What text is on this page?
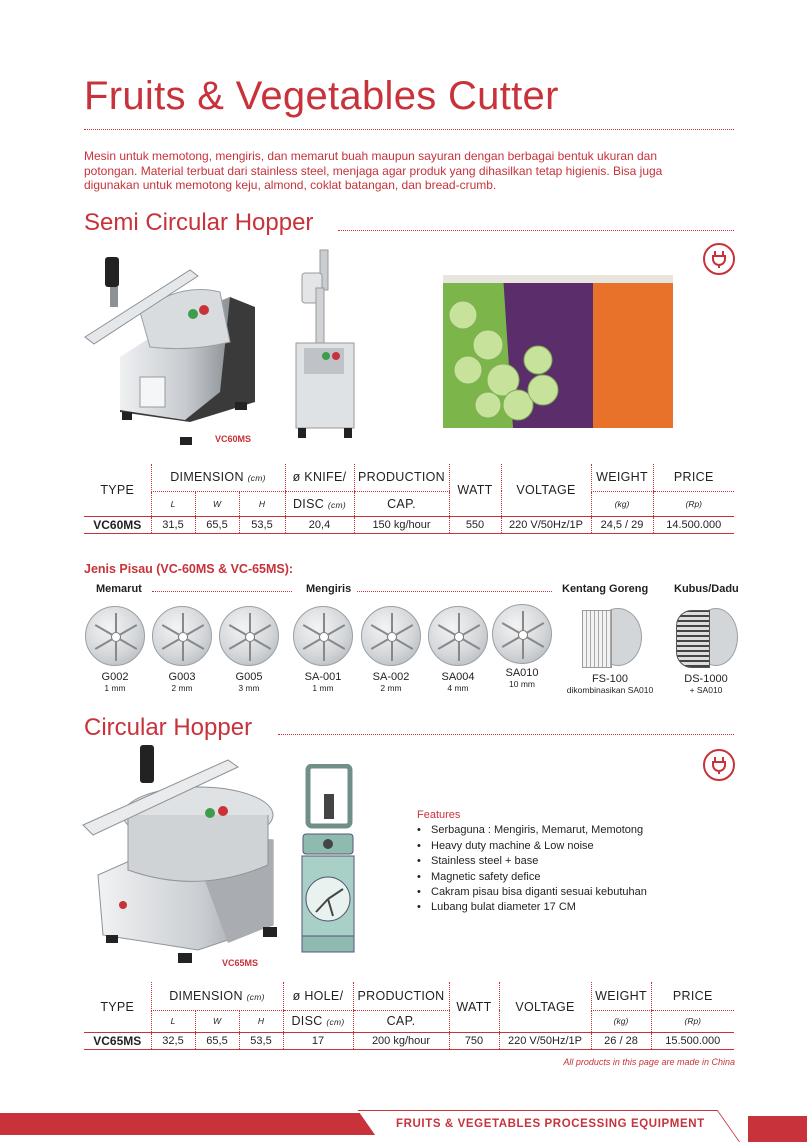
Fruits & Vegetables Cutter
Mesin untuk memotong, mengiris, dan memarut buah maupun sayuran dengan berbagai bentuk ukuran dan potongan. Material terbuat dari stainless steel, menjaga agar produk yang dihasilkan tetap higienis. Bisa juga digunakan untuk memotong keju, almond, coklat batangan, dan bread-crumb.
Semi Circular Hopper
VC60MS
TYPE	DIMENSION (cm)			ø KNIFE/	PRODUCTION	WATT	VOLTAGE	WEIGHT	PRICE
	L	W	H	DISC (cm)	CAP.			(kg)	(Rp)
VC60MS	31,5	65,5	53,5	20,4	150 kg/hour	550	220 V/50Hz/1P	24,5 / 29	14.500.000
Jenis Pisau (VC-60MS & VC-65MS):
Memarut	Mengiris	Kentang Goreng Kubus/Dadu
G002
1 mm
G003
2 mm
G005
3 mm
SA-001
1 mm
SA-002
2 mm
SA004
4 mm
SA010
10 mm	FS-100
dikombinasikan SA010
DS-1000
+ SA010
Circular Hopper
VC65MS
Features
• Serbaguna : Mengiris, Memarut, Memotong
• Heavy duty machine & Low noise
• Stainless steel + base
• Magnetic safety defice
• Cakram pisau bisa diganti sesuai kebutuhan
• Lubang bulat diameter 17 CM
TYPE	DIMENSION (cm)			ø HOLE/	PRODUCTION	WATT	VOLTAGE	WEIGHT	PRICE
	L	W	H	DISC (cm)	CAP.			(kg)	(Rp)
VC65MS	32,5	65,5	53,5	17	200 kg/hour	750	220 V/50Hz/1P	26 / 28	15.500.000
All products in this page are made in China
FRUITS & VEGETABLES PROCESSING EQUIPMENT
